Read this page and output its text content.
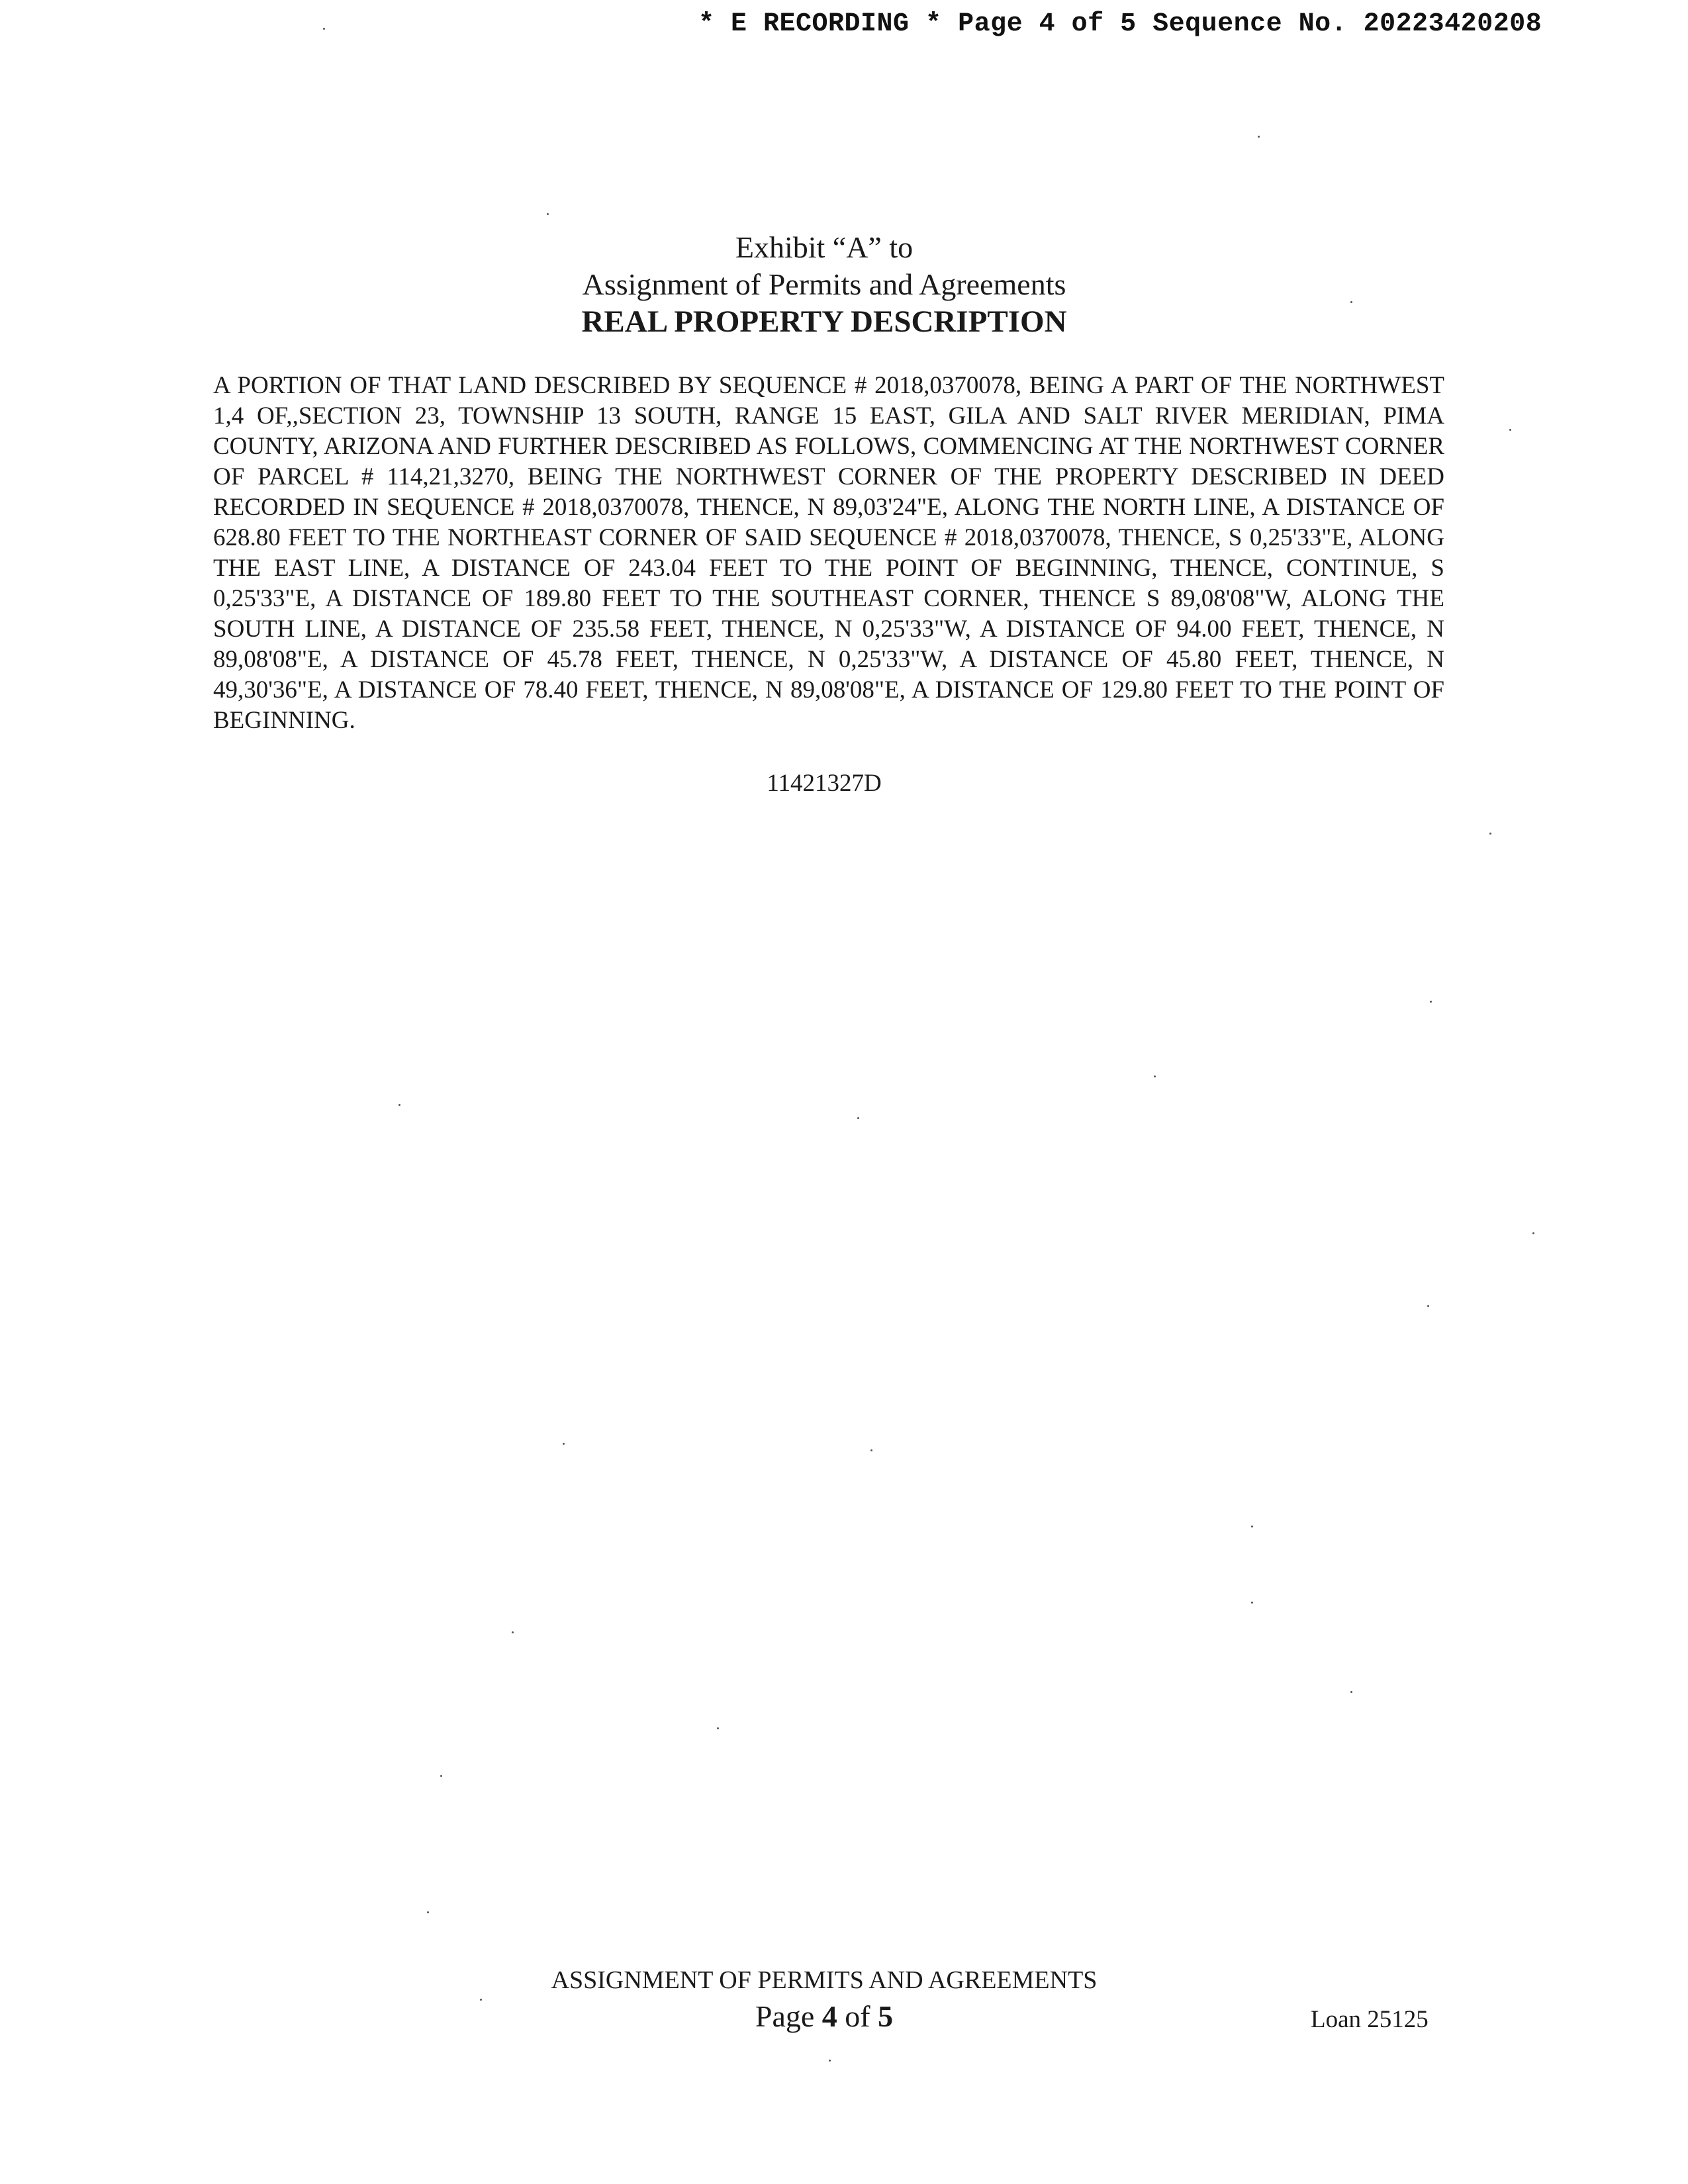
* E RECORDING * Page 4 of 5 Sequence No. 20223420208
Exhibit “A” to
Assignment of Permits and Agreements
REAL PROPERTY DESCRIPTION
A PORTION OF THAT LAND DESCRIBED BY SEQUENCE # 2018,0370078, BEING A PART OF THE NORTHWEST 1,4 OF,,SECTION 23, TOWNSHIP 13 SOUTH, RANGE 15 EAST, GILA AND SALT RIVER MERIDIAN, PIMA COUNTY, ARIZONA AND FURTHER DESCRIBED AS FOLLOWS, COMMENCING AT THE NORTHWEST CORNER OF PARCEL # 114,21,3270, BEING THE NORTHWEST CORNER OF THE PROPERTY DESCRIBED IN DEED RECORDED IN SEQUENCE # 2018,0370078, THENCE, N 89,03'24"E, ALONG THE NORTH LINE, A DISTANCE OF 628.80 FEET TO THE NORTHEAST CORNER OF SAID SEQUENCE # 2018,0370078, THENCE, S 0,25'33"E, ALONG THE EAST LINE, A DISTANCE OF 243.04 FEET TO THE POINT OF BEGINNING, THENCE, CONTINUE, S 0,25'33"E, A DISTANCE OF 189.80 FEET TO THE SOUTHEAST CORNER, THENCE S 89,08'08"W, ALONG THE SOUTH LINE, A DISTANCE OF 235.58 FEET, THENCE, N 0,25'33"W, A DISTANCE OF 94.00 FEET, THENCE, N 89,08'08"E, A DISTANCE OF 45.78 FEET, THENCE, N 0,25'33"W, A DISTANCE OF 45.80 FEET, THENCE, N 49,30'36"E, A DISTANCE OF 78.40 FEET, THENCE, N 89,08'08"E, A DISTANCE OF 129.80 FEET TO THE POINT OF BEGINNING.
11421327D
ASSIGNMENT OF PERMITS AND AGREEMENTS
Page 4 of 5	Loan 25125
